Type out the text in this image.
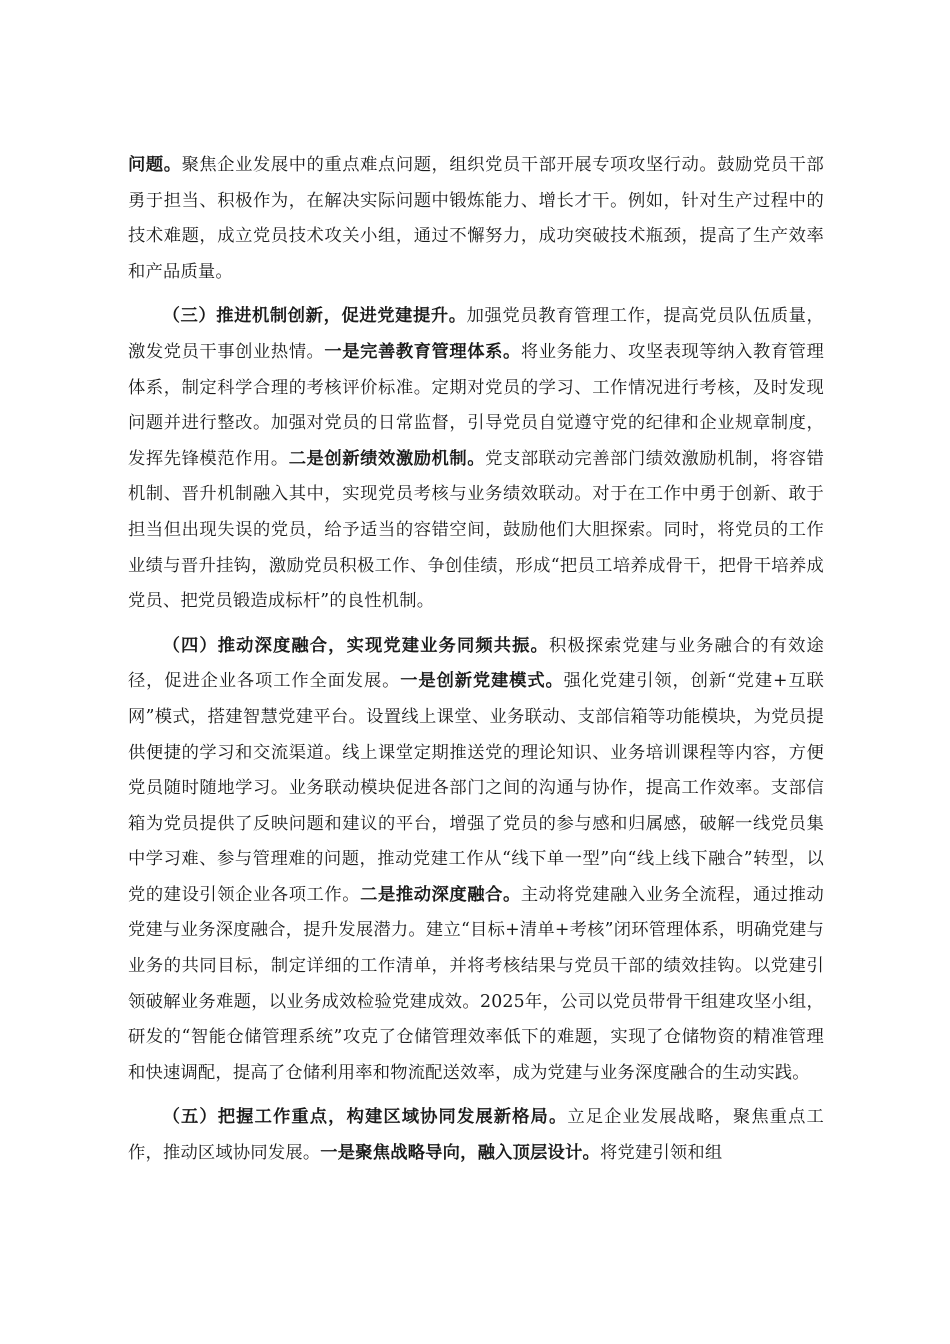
问题。聚焦企业发展中的重点难点问题，组织党员干部开展专项攻坚行动。鼓励党员干部勇于担当、积极作为，在解决实际问题中锻炼能力、增长才干。例如，针对生产过程中的技术难题，成立党员技术攻关小组，通过不懈努力，成功突破技术瓶颈，提高了生产效率和产品质量。

（三）推进机制创新，促进党建提升。加强党员教育管理工作，提高党员队伍质量，激发党员干事创业热情。一是完善教育管理体系。将业务能力、攻坚表现等纳入教育管理体系，制定科学合理的考核评价标准。定期对党员的学习、工作情况进行考核，及时发现问题并进行整改。加强对党员的日常监督，引导党员自觉遵守党的纪律和企业规章制度，发挥先锋模范作用。二是创新绩效激励机制。党支部联动完善部门绩效激励机制，将容错机制、晋升机制融入其中，实现党员考核与业务绩效联动。对于在工作中勇于创新、敢于担当但出现失误的党员，给予适当的容错空间，鼓励他们大胆探索。同时，将党员的工作业绩与晋升挂钩，激励党员积极工作、争创佳绩，形成“把员工培养成骨干，把骨干培养成党员、把党员锻造成标杆”的良性机制。

（四）推动深度融合，实现党建业务同频共振。积极探索党建与业务融合的有效途径，促进企业各项工作全面发展。一是创新党建模式。强化党建引领，创新“党建+互联网”模式，搭建智慧党建平台。设置线上课堂、业务联动、支部信箱等功能模块，为党员提供便捷的学习和交流渠道。线上课堂定期推送党的理论知识、业务培训课程等内容，方便党员随时随地学习。业务联动模块促进各部门之间的沟通与协作，提高工作效率。支部信箱为党员提供了反映问题和建议的平台，增强了党员的参与感和归属感，破解一线党员集中学习难、参与管理难的问题，推动党建工作从“线下单一型”向“线上线下融合”转型，以党的建设引领企业各项工作。二是推动深度融合。主动将党建融入业务全流程，通过推动党建与业务深度融合，提升发展潜力。建立“目标+清单+考核”闭环管理体系，明确党建与业务的共同目标，制定详细的工作清单，并将考核结果与党员干部的绩效挂钩。以党建引领破解业务难题，以业务成效检验党建成效。2025年，公司以党员带骨干组建攻坚小组，研发的“智能仓储管理系统”攻克了仓储管理效率低下的难题，实现了仓储物资的精准管理和快速调配，提高了仓储利用率和物流配送效率，成为党建与业务深度融合的生动实践。

（五）把握工作重点，构建区域协同发展新格局。立足企业发展战略，聚焦重点工作，推动区域协同发展。一是聚焦战略导向，融入顶层设计。将党建引领和组
